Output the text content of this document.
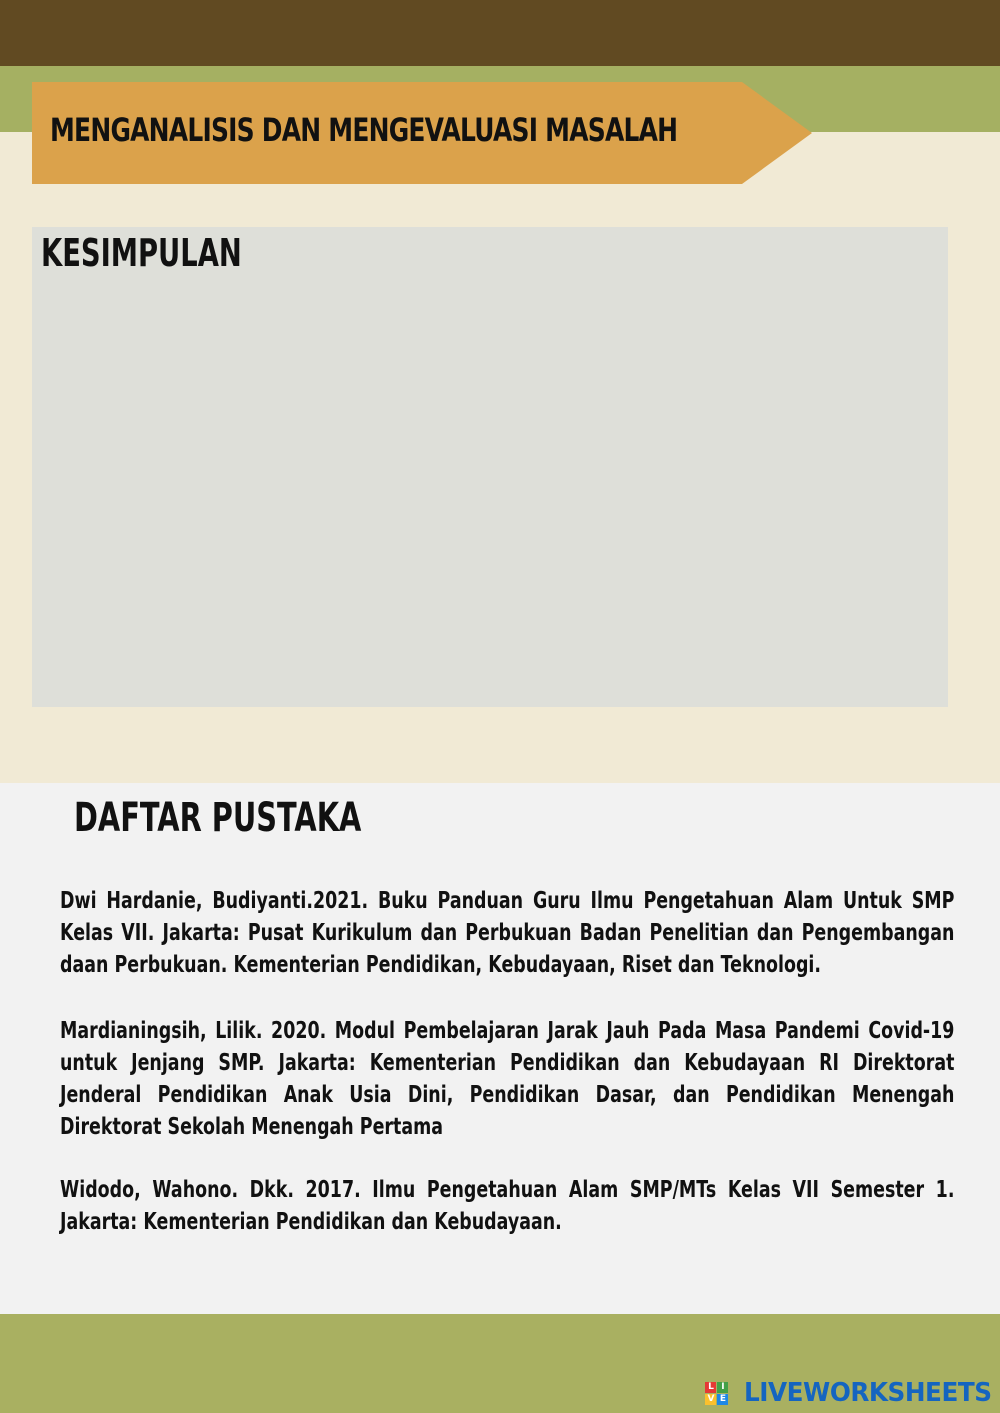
MENGANALISIS DAN MENGEVALUASI MASALAH
KESIMPULAN
DAFTAR PUSTAKA

Dwi Hardanie, Budiyanti.2021. Buku Panduan Guru Ilmu Pengetahuan Alam Untuk SMP Kelas VII. Jakarta: Pusat Kurikulum dan Perbukuan Badan Penelitian dan Pengembangan daan Perbukuan. Kementerian Pendidikan, Kebudayaan, Riset dan Teknologi.

Mardianingsih, Lilik. 2020. Modul Pembelajaran Jarak Jauh Pada Masa Pandemi Covid-19 untuk Jenjang SMP. Jakarta: Kementerian Pendidikan dan Kebudayaan RI Direktorat Jenderal Pendidikan Anak Usia Dini, Pendidikan Dasar, dan Pendidikan Menengah Direktorat Sekolah Menengah Pertama

Widodo, Wahono. Dkk. 2017. Ilmu Pengetahuan Alam SMP/MTs Kelas VII Semester 1. Jakarta: Kementerian Pendidikan dan Kebudayaan.

L I
V E LIVEWORKSHEETS
